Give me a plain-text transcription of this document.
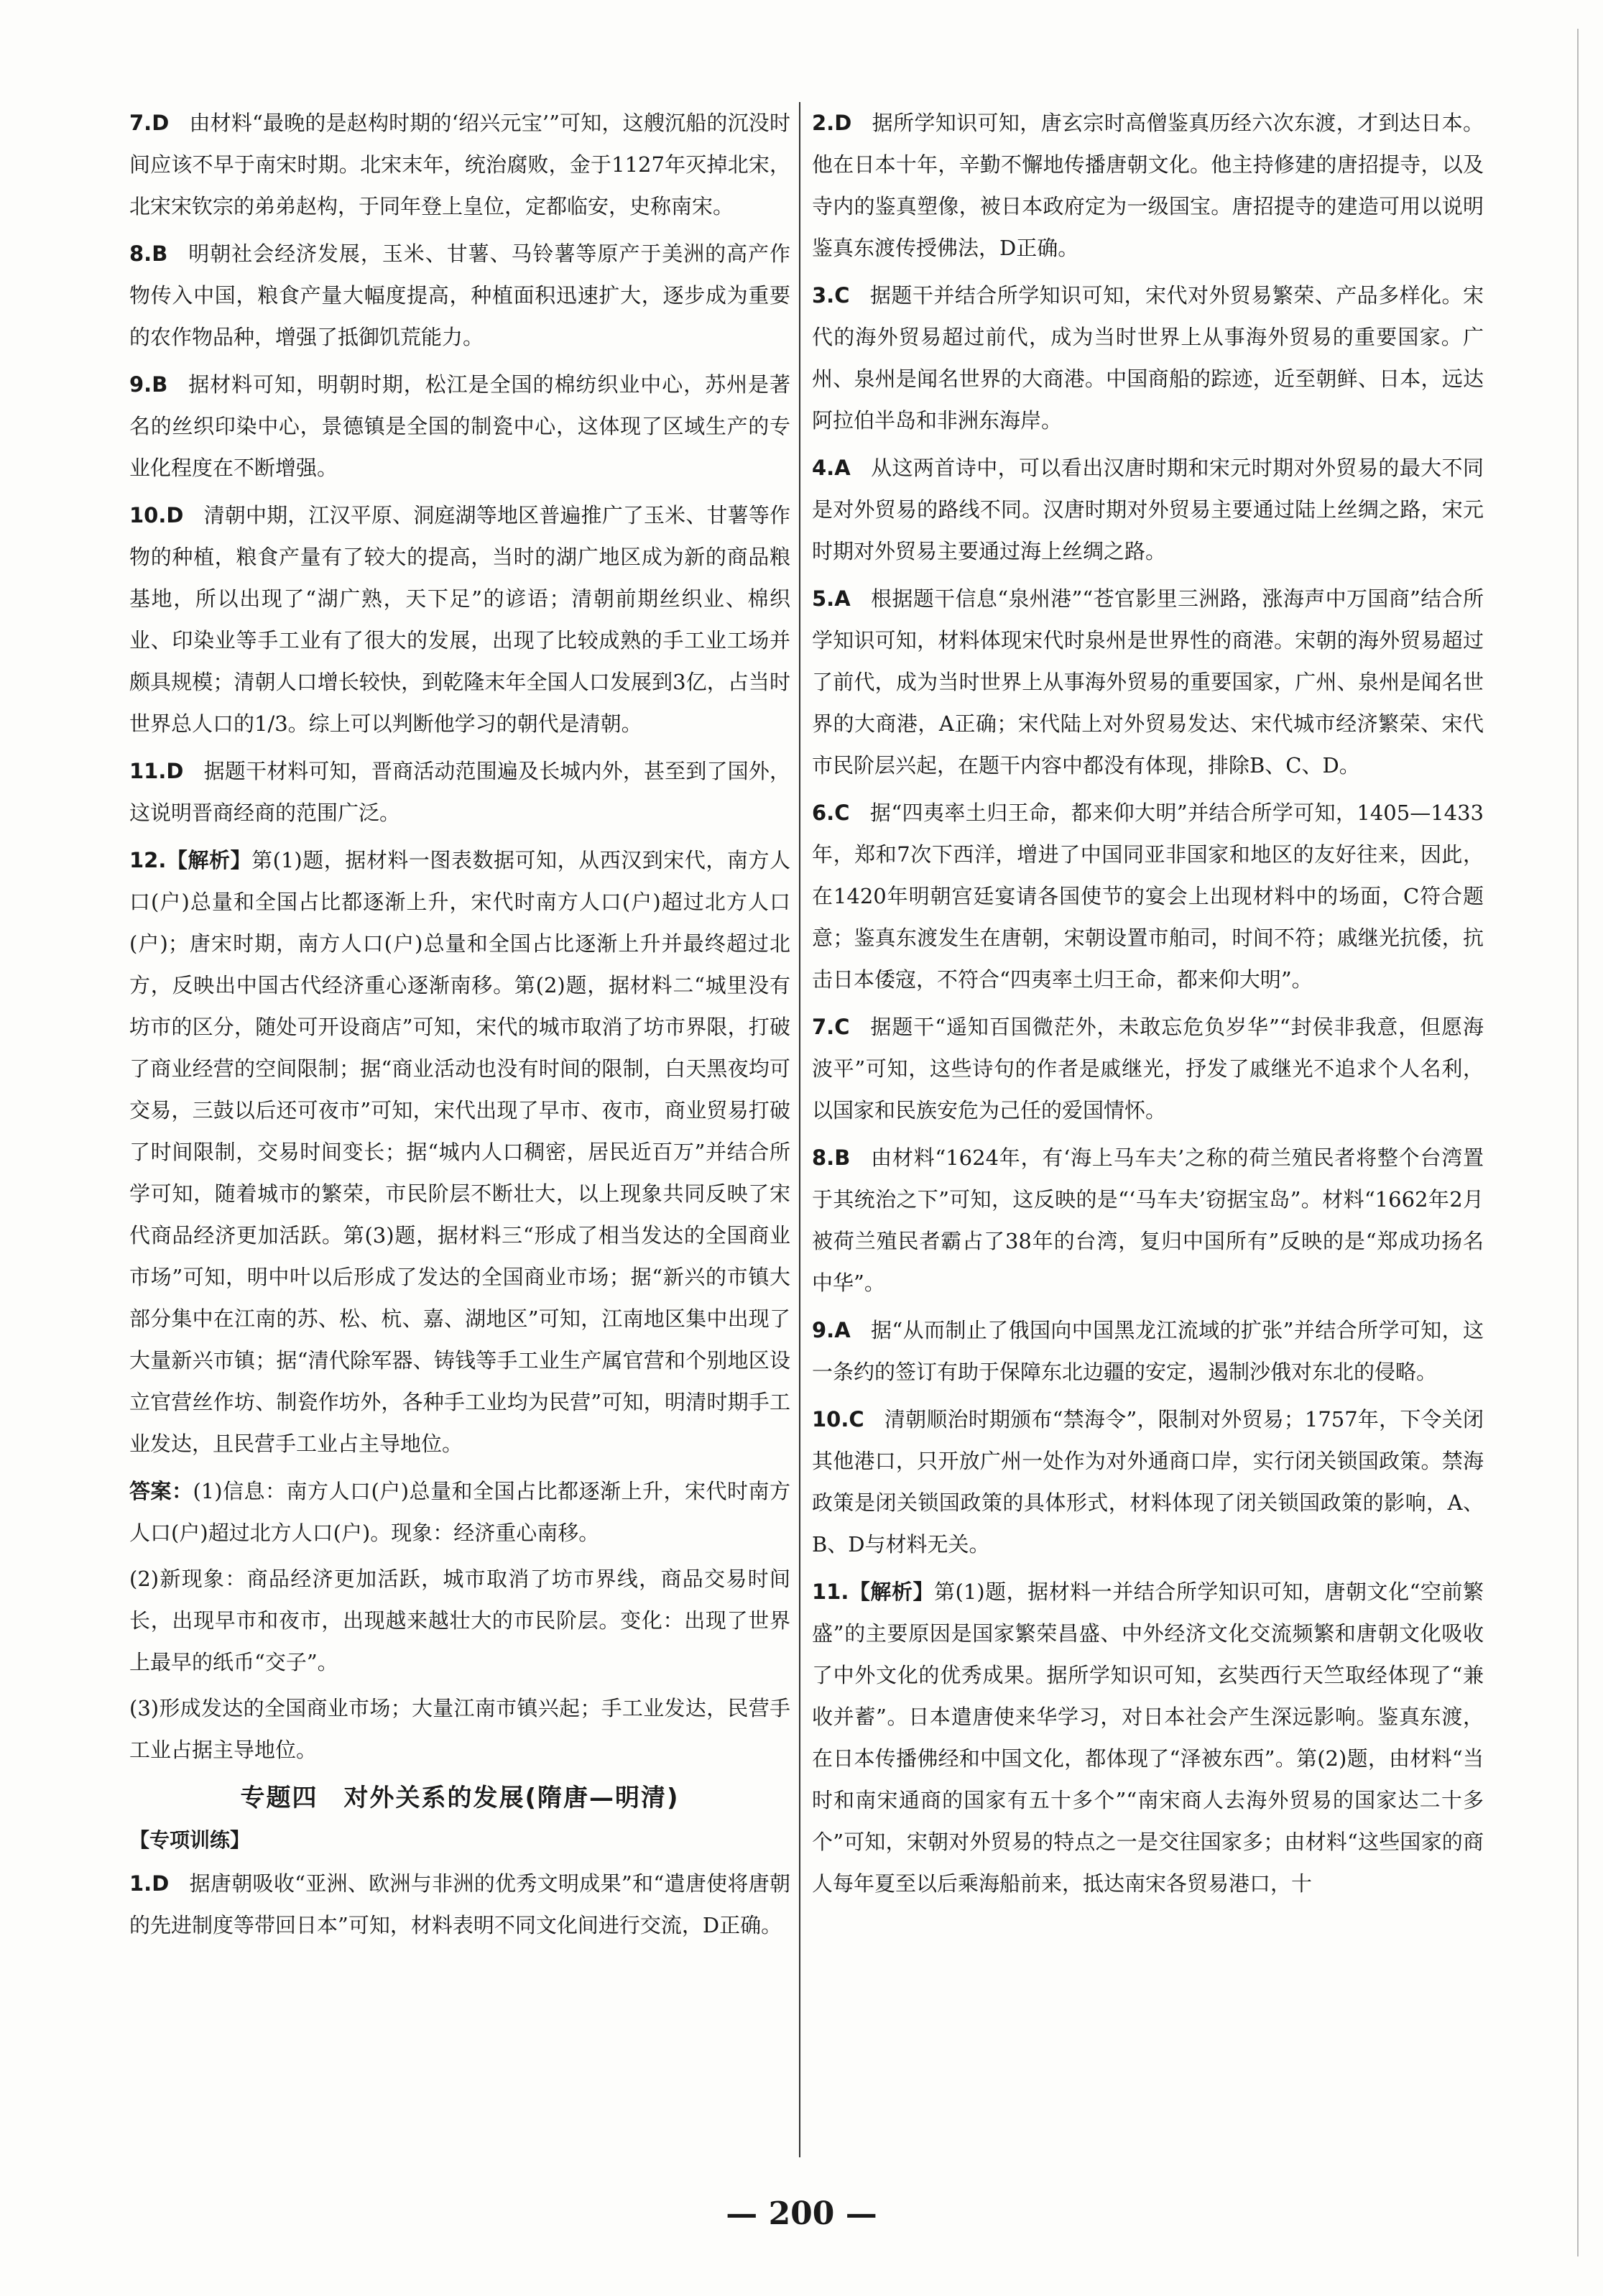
7.D 由材料“最晚的是赵构时期的‘绍兴元宝’”可知，这艘沉船的沉没时间应该不早于南宋时期。北宋末年，统治腐败，金于1127年灭掉北宋，北宋宋钦宗的弟弟赵构，于同年登上皇位，定都临安，史称南宋。

8.B 明朝社会经济发展，玉米、甘薯、马铃薯等原产于美洲的高产作物传入中国，粮食产量大幅度提高，种植面积迅速扩大，逐步成为重要的农作物品种，增强了抵御饥荒能力。

9.B 据材料可知，明朝时期，松江是全国的棉纺织业中心，苏州是著名的丝织印染中心，景德镇是全国的制瓷中心，这体现了区域生产的专业化程度在不断增强。

10.D 清朝中期，江汉平原、洞庭湖等地区普遍推广了玉米、甘薯等作物的种植，粮食产量有了较大的提高，当时的湖广地区成为新的商品粮基地，所以出现了“湖广熟，天下足”的谚语；清朝前期丝织业、棉织业、印染业等手工业有了很大的发展，出现了比较成熟的手工业工场并颇具规模；清朝人口增长较快，到乾隆末年全国人口发展到3亿，占当时世界总人口的1/3。综上可以判断他学习的朝代是清朝。

11.D 据题干材料可知，晋商活动范围遍及长城内外，甚至到了国外，这说明晋商经商的范围广泛。

12.【解析】第(1)题，据材料一图表数据可知，从西汉到宋代，南方人口(户)总量和全国占比都逐渐上升，宋代时南方人口(户)超过北方人口(户)；唐宋时期，南方人口(户)总量和全国占比逐渐上升并最终超过北方，反映出中国古代经济重心逐渐南移。第(2)题，据材料二“城里没有坊市的区分，随处可开设商店”可知，宋代的城市取消了坊市界限，打破了商业经营的空间限制；据“商业活动也没有时间的限制，白天黑夜均可交易，三鼓以后还可夜市”可知，宋代出现了早市、夜市，商业贸易打破了时间限制，交易时间变长；据“城内人口稠密，居民近百万”并结合所学可知，随着城市的繁荣，市民阶层不断壮大，以上现象共同反映了宋代商品经济更加活跃。第(3)题，据材料三“形成了相当发达的全国商业市场”可知，明中叶以后形成了发达的全国商业市场；据“新兴的市镇大部分集中在江南的苏、松、杭、嘉、湖地区”可知，江南地区集中出现了大量新兴市镇；据“清代除军器、铸钱等手工业生产属官营和个别地区设立官营丝作坊、制瓷作坊外，各种手工业均为民营”可知，明清时期手工业发达，且民营手工业占主导地位。

答案：(1)信息：南方人口(户)总量和全国占比都逐渐上升，宋代时南方人口(户)超过北方人口(户)。现象：经济重心南移。

(2)新现象：商品经济更加活跃，城市取消了坊市界线，商品交易时间长，出现早市和夜市，出现越来越壮大的市民阶层。变化：出现了世界上最早的纸币“交子”。

(3)形成发达的全国商业市场；大量江南市镇兴起；手工业发达，民营手工业占据主导地位。

专题四　对外关系的发展(隋唐—明清)
【专项训练】

1.D 据唐朝吸收“亚洲、欧洲与非洲的优秀文明成果”和“遣唐使将唐朝的先进制度等带回日本”可知，材料表明不同文化间进行交流，D正确。

2.D 据所学知识可知，唐玄宗时高僧鉴真历经六次东渡，才到达日本。他在日本十年，辛勤不懈地传播唐朝文化。他主持修建的唐招提寺，以及寺内的鉴真塑像，被日本政府定为一级国宝。唐招提寺的建造可用以说明鉴真东渡传授佛法，D正确。

3.C 据题干并结合所学知识可知，宋代对外贸易繁荣、产品多样化。宋代的海外贸易超过前代，成为当时世界上从事海外贸易的重要国家。广州、泉州是闻名世界的大商港。中国商船的踪迹，近至朝鲜、日本，远达阿拉伯半岛和非洲东海岸。

4.A 从这两首诗中，可以看出汉唐时期和宋元时期对外贸易的最大不同是对外贸易的路线不同。汉唐时期对外贸易主要通过陆上丝绸之路，宋元时期对外贸易主要通过海上丝绸之路。

5.A 根据题干信息“泉州港”“苍官影里三洲路，涨海声中万国商”结合所学知识可知，材料体现宋代时泉州是世界性的商港。宋朝的海外贸易超过了前代，成为当时世界上从事海外贸易的重要国家，广州、泉州是闻名世界的大商港，A正确；宋代陆上对外贸易发达、宋代城市经济繁荣、宋代市民阶层兴起，在题干内容中都没有体现，排除B、C、D。

6.C 据“四夷率土归王命，都来仰大明”并结合所学可知，1405—1433年，郑和7次下西洋，增进了中国同亚非国家和地区的友好往来，因此，在1420年明朝宫廷宴请各国使节的宴会上出现材料中的场面，C符合题意；鉴真东渡发生在唐朝，宋朝设置市舶司，时间不符；戚继光抗倭，抗击日本倭寇，不符合“四夷率土归王命，都来仰大明”。

7.C 据题干“遥知百国微茫外，未敢忘危负岁华”“封侯非我意，但愿海波平”可知，这些诗句的作者是戚继光，抒发了戚继光不追求个人名利，以国家和民族安危为己任的爱国情怀。

8.B 由材料“1624年，有‘海上马车夫’之称的荷兰殖民者将整个台湾置于其统治之下”可知，这反映的是“‘马车夫’窃据宝岛”。材料“1662年2月被荷兰殖民者霸占了38年的台湾，复归中国所有”反映的是“郑成功扬名中华”。

9.A 据“从而制止了俄国向中国黑龙江流域的扩张”并结合所学可知，这一条约的签订有助于保障东北边疆的安定，遏制沙俄对东北的侵略。

10.C 清朝顺治时期颁布“禁海令”，限制对外贸易；1757年，下令关闭其他港口，只开放广州一处作为对外通商口岸，实行闭关锁国政策。禁海政策是闭关锁国政策的具体形式，材料体现了闭关锁国政策的影响，A、B、D与材料无关。

11.【解析】第(1)题，据材料一并结合所学知识可知，唐朝文化“空前繁盛”的主要原因是国家繁荣昌盛、中外经济文化交流频繁和唐朝文化吸收了中外文化的优秀成果。据所学知识可知，玄奘西行天竺取经体现了“兼收并蓄”。日本遣唐使来华学习，对日本社会产生深远影响。鉴真东渡，在日本传播佛经和中国文化，都体现了“泽被东西”。第(2)题，由材料“当时和南宋通商的国家有五十多个”“南宋商人去海外贸易的国家达二十多个”可知，宋朝对外贸易的特点之一是交往国家多；由材料“这些国家的商人每年夏至以后乘海船前来，抵达南宋各贸易港口，十

— 200 —
